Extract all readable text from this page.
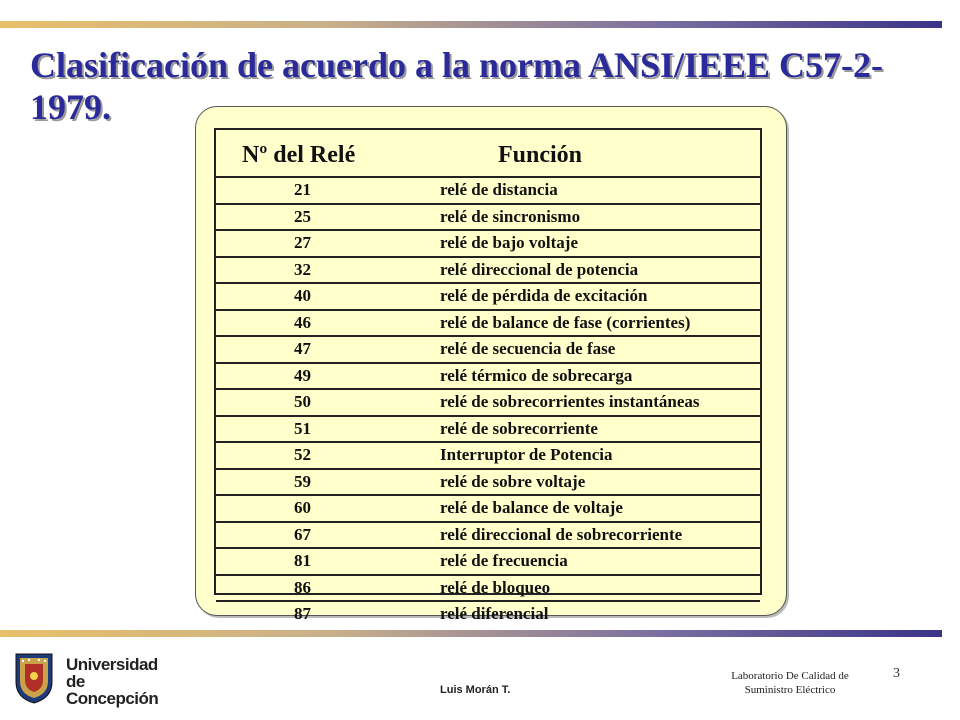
Clasificación de acuerdo a la norma ANSI/IEEE C57-2-1979.
Nº del Relé	Función
21	relé de distancia
25	relé de sincronismo
27	relé de bajo voltaje
32	relé direccional de potencia
40	relé de pérdida de excitación
46	relé de balance de fase (corrientes)
47	relé de secuencia de fase
49	relé térmico de sobrecarga
50	relé de sobrecorrientes instantáneas
51	relé de sobrecorriente
52	Interruptor de Potencia
59	relé de sobre voltaje
60	relé de balance de voltaje
67	relé direccional de sobrecorriente
81	relé de frecuencia
86	relé de bloqueo
87	relé diferencial
Universidad
de Concepción	Luis Morán T.
Laboratorio De Calidad de
Suministro Eléctrico
3
